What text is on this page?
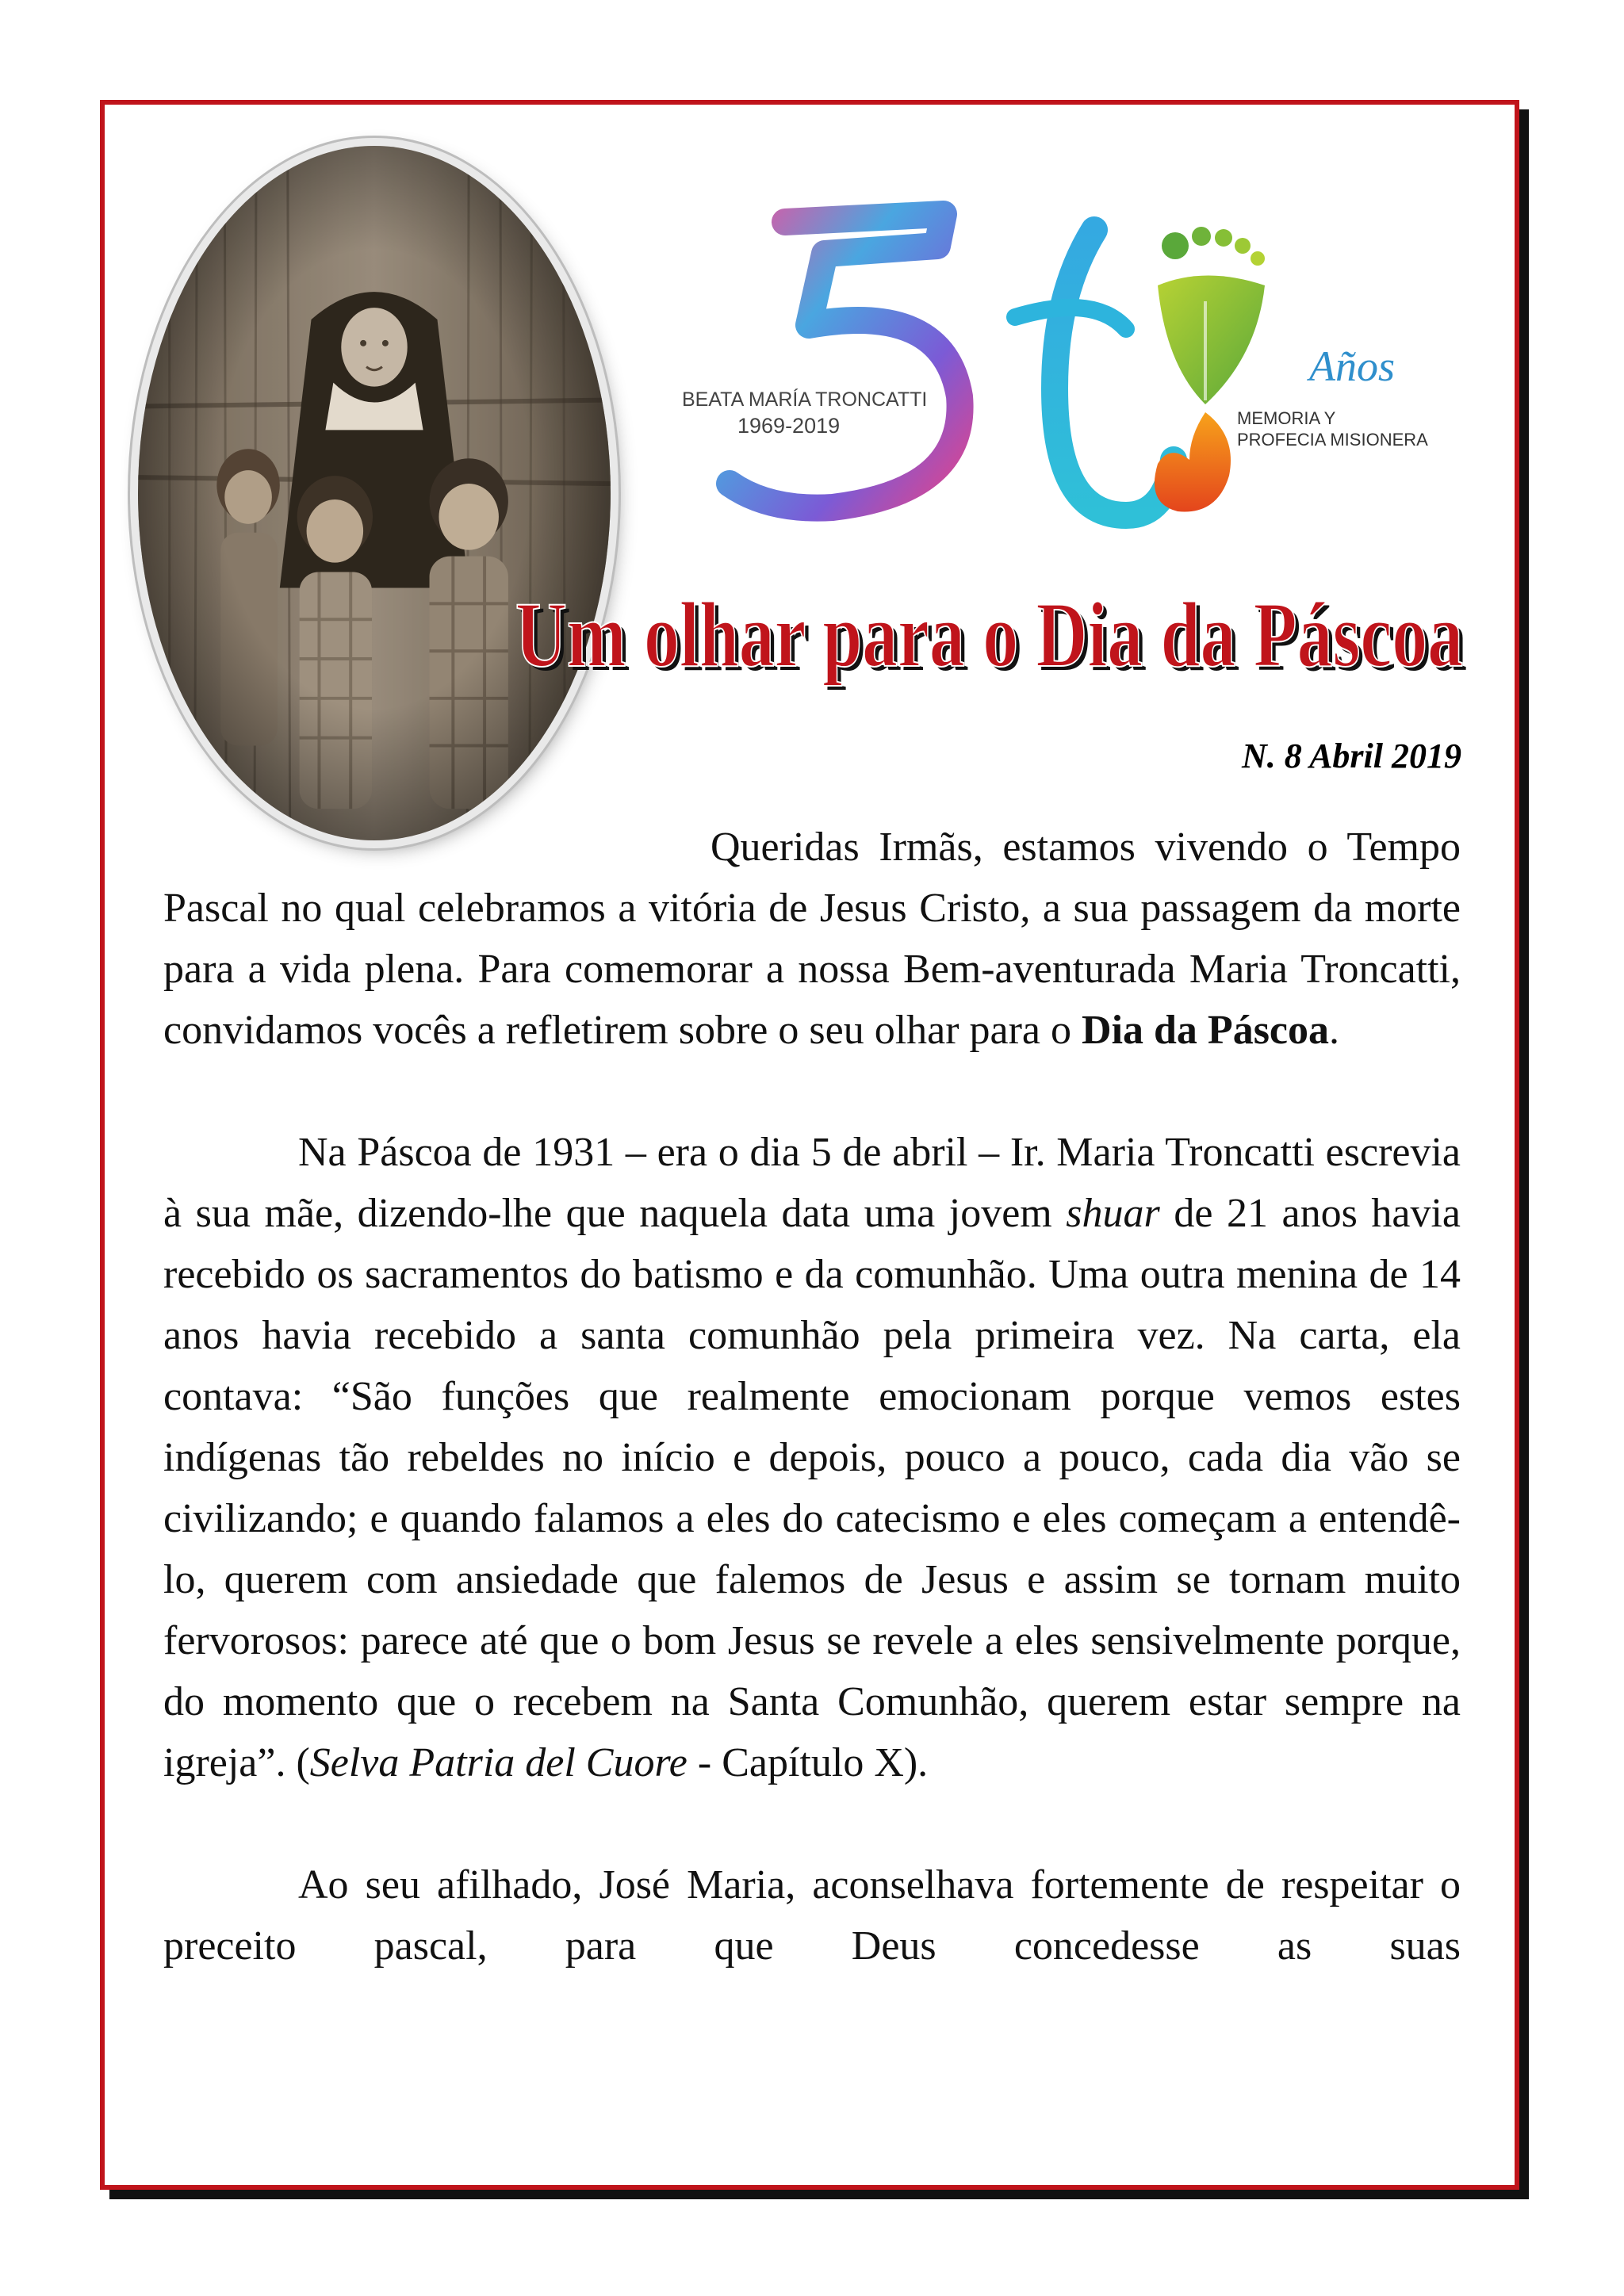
Años
BEATA MARÍA TRONCATTI
1969-2019	MEMORIA Y
PROFECIA MISIONERA
Um olhar para o Dia da Páscoa
Um olhar para o Dia da Páscoa
N. 8 Abril 2019

Queridas Irmãs, estamos vivendo o Tempo Pascal no qual celebramos a vitória de Jesus Cristo, a sua passagem da morte para a vida plena. Para comemorar a nossa Bem-aventurada Maria Troncatti, convidamos vocês a refletirem sobre o seu olhar para o Dia da Páscoa.

Na Páscoa de 1931 – era o dia 5 de abril – Ir. Maria Troncatti escrevia à sua mãe, dizendo-lhe que naquela data uma jovem shuar de 21 anos havia recebido os sacramentos do batismo e da comunhão. Uma outra menina de 14 anos havia recebido a santa comunhão pela primeira vez. Na carta, ela contava: “São funções que realmente emocionam porque vemos estes indígenas tão rebeldes no início e depois, pouco a pouco, cada dia vão se civilizando; e quando falamos a eles do catecismo e eles começam a entendê-lo, querem com ansiedade que falemos de Jesus e assim se tornam muito fervorosos: parece até que o bom Jesus se revele a eles sensivelmente porque, do momento que o recebem na Santa Comunhão, querem estar sempre na igreja”. (Selva Patria del Cuore - Capítulo X).

Ao seu afilhado, José Maria, aconselhava fortemente de respeitar o preceito pascal, para que Deus concedesse as suas
